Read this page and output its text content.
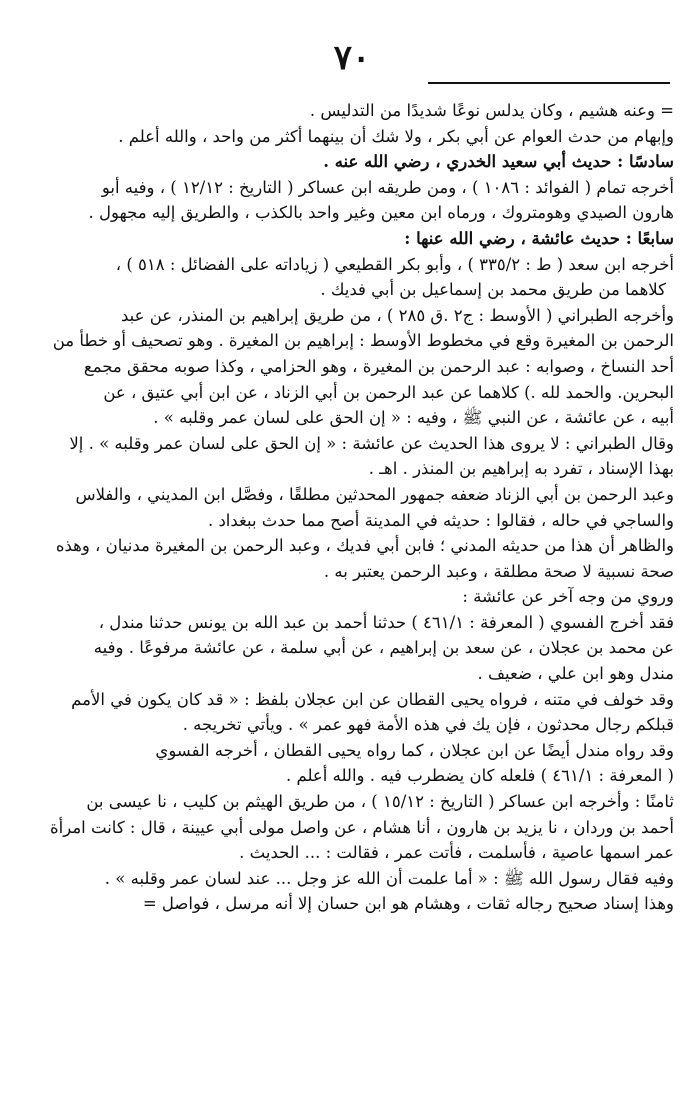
٧٠
= وعنه هشيم ، وكان يدلس نوعًا شديدًا من التدليس .
وإبهام من حدث العوام عن أبي بكر ، ولا شك أن بينهما أكثر من واحد ، والله أعلم .
سادسًا : حديث أبي سعيد الخدري ، رضي الله عنه .
أخرجه تمام ( الفوائد : ١٠٨٦ ) ، ومن طريقه ابن عساكر ( التاريخ : ١٢/١٢ ) ، وفيه أبو
هارون الصيدي وهومتروك ، ورماه ابن معين وغير واحد بالكذب ، والطريق إليه مجهول .
سابعًا : حديث عائشة ، رضي الله عنها :
أخرجه ابن سعد ( ط : ٣٣٥/٢ ) ، وأبو بكر القطيعي ( زياداته على الفضائل : ٥١٨ ) ،
كلاهما من طريق محمد بن إسماعيل بن أبي فديك .
وأخرجه الطبراني ( الأوسط : ج٢ .ق ٢٨٥ ) ، من طريق إبراهيم بن المنذر، عن عبد
الرحمن بن المغيرة وقع في مخطوط الأوسط : إبراهيم بن المغيرة . وهو تصحيف أو خطأ من
أحد النساخ ، وصوابه : عبد الرحمن بن المغيرة ، وهو الحزامي ، وكذا صوبه محقق مجمع
البحرين. والحمد لله .) كلاهما عن عبد الرحمن بن أبي الزناد ، عن ابن أبي عتيق ، عن
أبيه ، عن عائشة ، عن النبي ﷺ ، وفيه : « إن الحق على لسان عمر وقلبه » .
وقال الطبراني : لا يروى هذا الحديث عن عائشة : « إن الحق على لسان عمر وقلبه » . إلا
بهذا الإسناد ، تفرد به إبراهيم بن المنذر . اهـ .
وعبد الرحمن بن أبي الزناد ضعفه جمهور المحدثين مطلقًا ، وفصَّل ابن المديني ، والفلاس
والساجي في حاله ، فقالوا : حديثه في المدينة أصح مما حدث ببغداد .
والظاهر أن هذا من حديثه المدني ؛ فابن أبي فديك ، وعبد الرحمن بن المغيرة مدنيان ، وهذه
صحة نسبية لا صحة مطلقة ، وعبد الرحمن يعتبر به .
وروي من وجه آخر عن عائشة :
فقد أخرج الفسوي ( المعرفة : ٤٦١/١ ) حدثنا أحمد بن عبد الله بن يونس حدثنا مندل ،
عن محمد بن عجلان ، عن سعد بن إبراهيم ، عن أبي سلمة ، عن عائشة مرفوعًا . وفيه
مندل وهو ابن علي ، ضعيف .
وقد خولف في متنه ، فرواه يحيى القطان عن ابن عجلان بلفظ : « قد كان يكون في الأمم
قبلكم رجال محدثون ، فإن يك في هذه الأمة فهو عمر » . ويأتي تخريجه .
وقد رواه مندل أيضًا عن ابن عجلان ، كما رواه يحيى القطان ، أخرجه الفسوي
( المعرفة : ٤٦١/١ ) فلعله كان يضطرب فيه . والله أعلم .
ثامنًا : وأخرجه ابن عساكر ( التاريخ : ١٥/١٢ ) ، من طريق الهيثم بن كليب ، نا عيسى بن
أحمد بن وردان ، نا يزيد بن هارون ، أنا هشام ، عن واصل مولى أبي عيينة ، قال : كانت امرأة
عمر اسمها عاصية ، فأسلمت ، فأتت عمر ، فقالت : ... الحديث .
وفيه فقال رسول الله ﷺ : « أما علمت أن الله عز وجل ... عند لسان عمر وقلبه » .
وهذا إسناد صحيح رجاله ثقات ، وهشام هو ابن حسان إلا أنه مرسل ، فواصل =
